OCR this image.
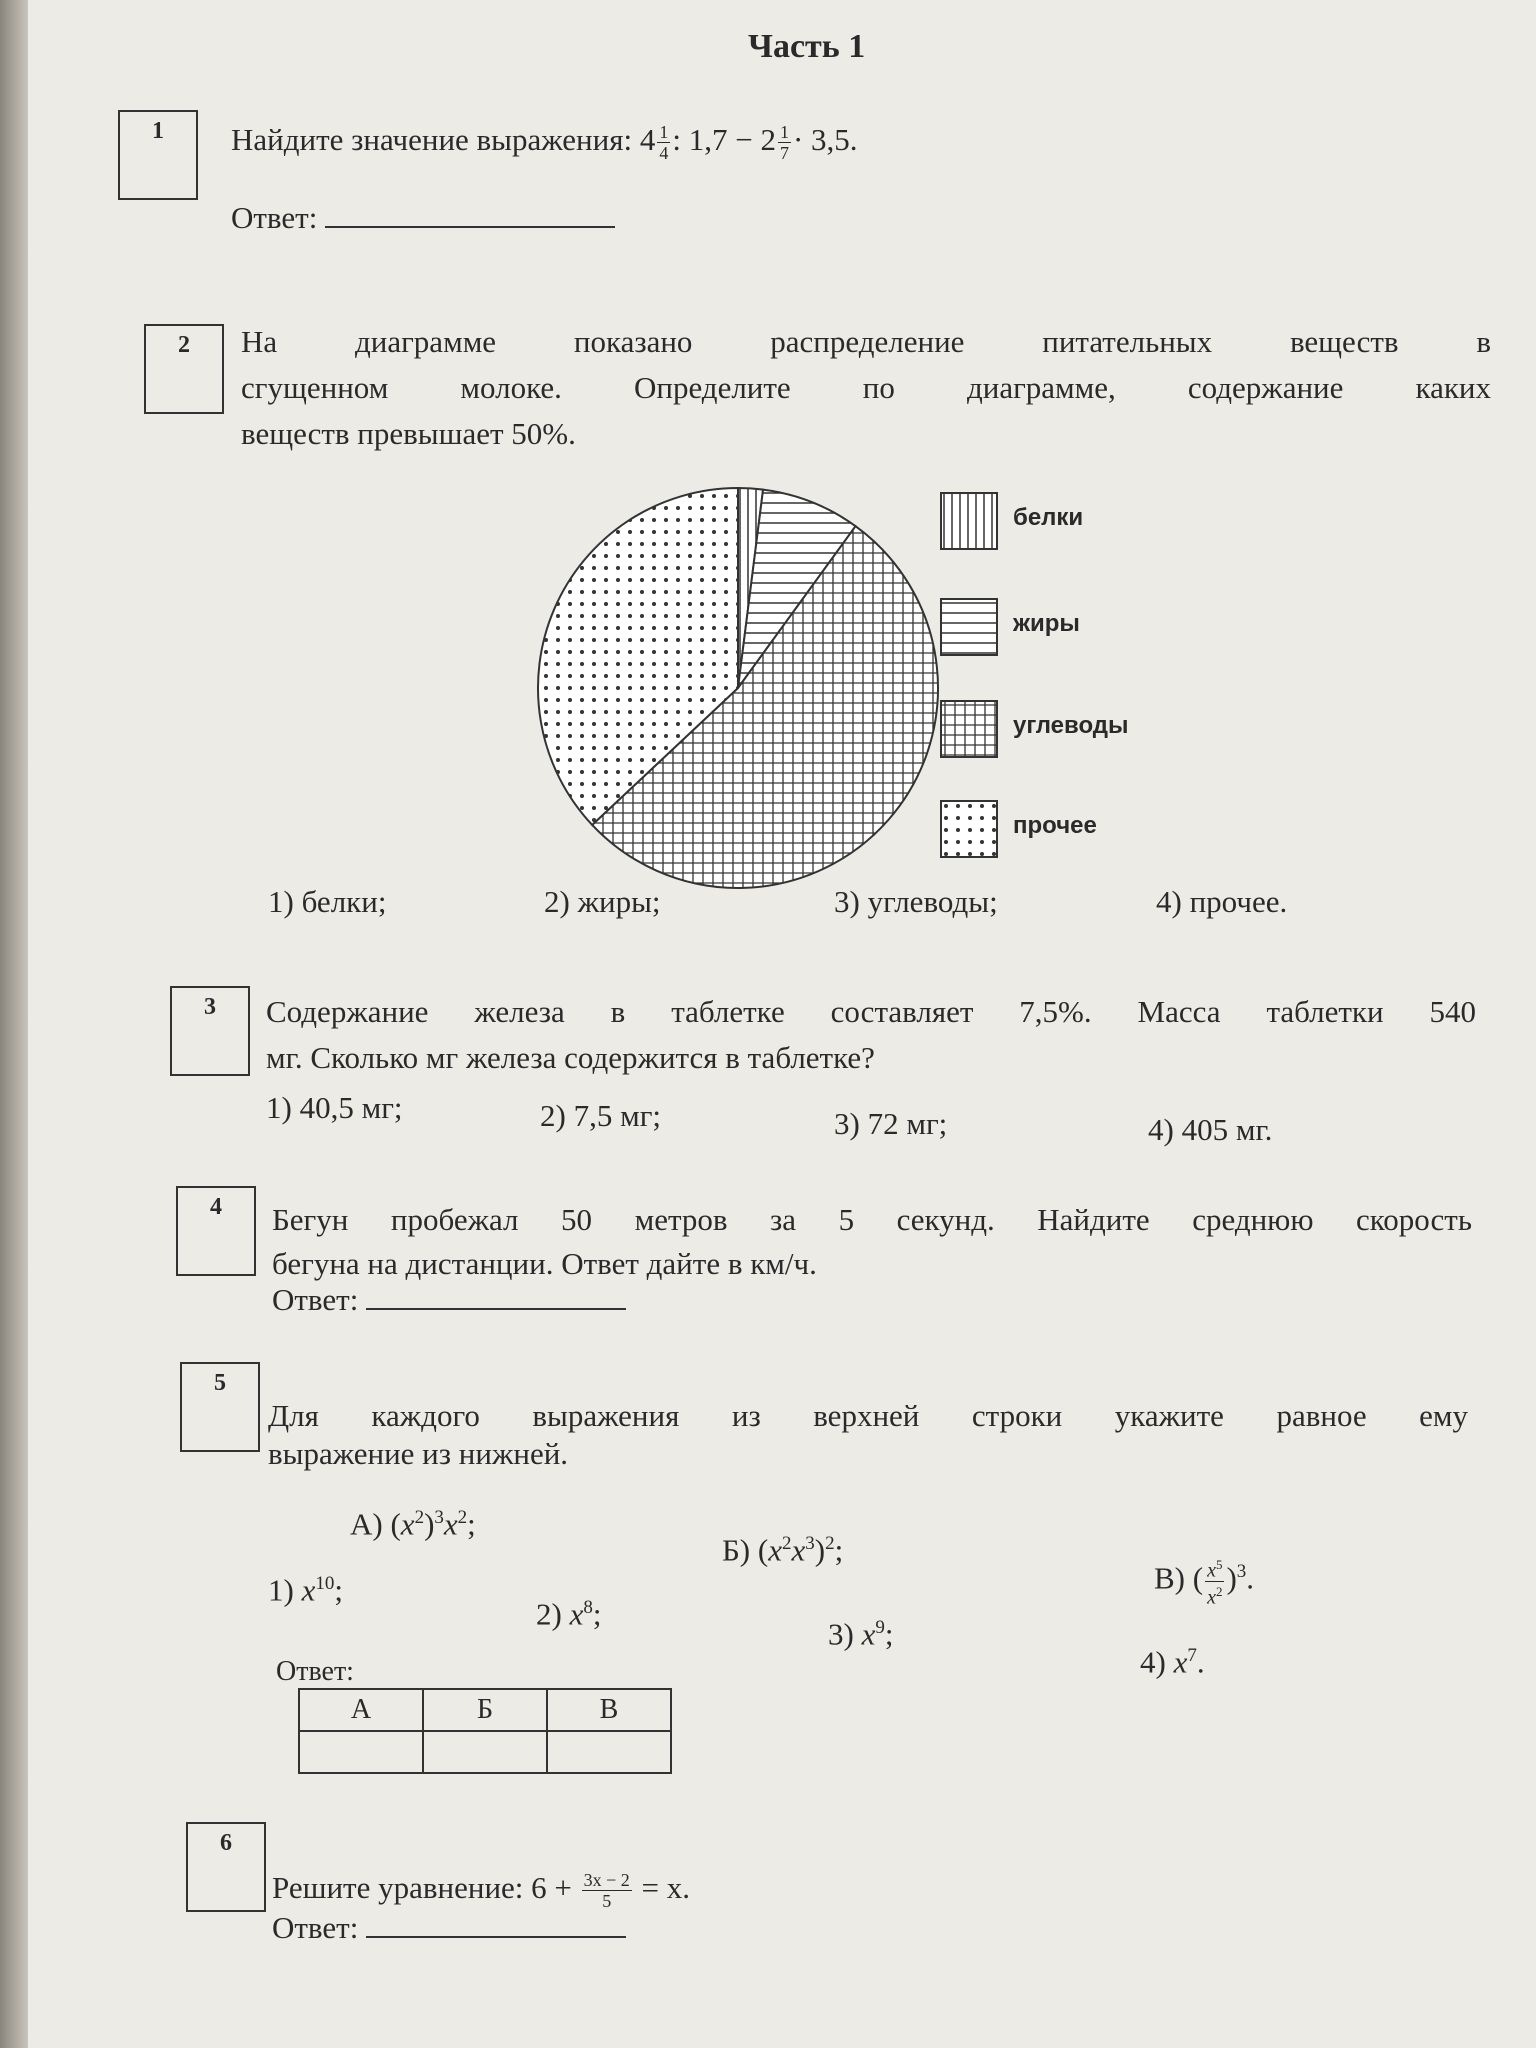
Часть 1
1	Найдите значение выражения: $4 \frac{1}{4}$ : $1,7 - 2 \frac{1}{7} \cdot 3,5$.
Ответ:
2	На диаграмме показано распределение питательных веществ в
сгущенном молоке. Определите по диаграмме, содержание каких
веществ превышает 50%.
белки
жиры
углеводы
прочее
1) белки;	2) жиры;	3) углеводы;	4) прочее.
3	Содержание железа в таблетке составляет 7,5%. Масса таблетки 540
мг. Сколько мг железа содержится в таблетке?
1) 40,5 мг;	2) 7,5 мг;	3) 72 мг;	4) 405 мг.
4	Бегун пробежал 50 метров за 5 секунд. Найдите среднюю скорость
бегуна на дистанции. Ответ дайте в км/ч.
Ответ:
5
Для каждого выражения из верхней строки укажите равное ему
выражение из нижней.
А) $(x^2)^3x^2$;
Б) $(x^2x^3)^2$;
В) ( $\frac{x^5}{x^2} )^3$.
1) $x^{10}$;
2) $x^8$;
3) $x^9$;
4) $x^7$.
Ответ:
А	Б	В

6
Решите уравнение: $6 + \frac{3x - 2}{5} = x$.
Ответ:
